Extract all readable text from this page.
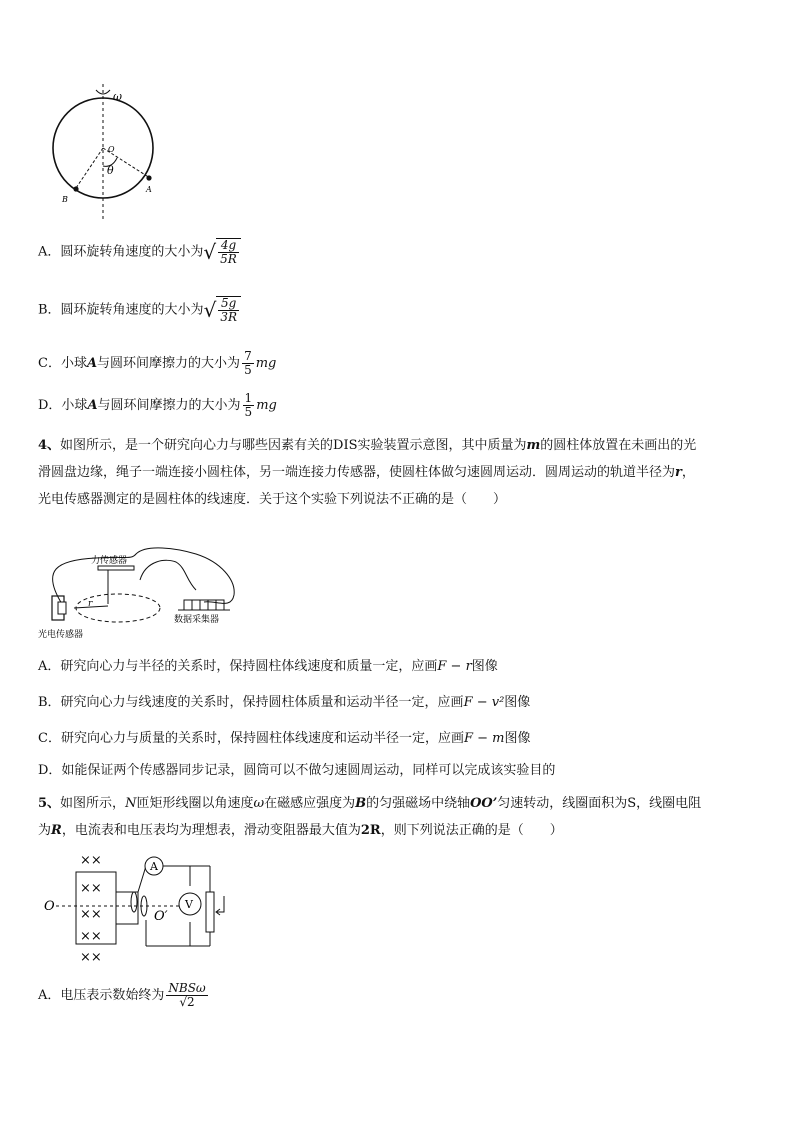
ω
O
θ
A
B
A．圆环旋转角速度的大小为√ $\frac{4g}{5R}$
B．圆环旋转角速度的大小为√ $\frac{5g}{3R}$
C．小球A与圆环间摩擦力的大小为 $\frac{7}{5}$ mg
D．小球A与圆环间摩擦力的大小为 $\frac{1}{5}$ mg
4、如图所示，是一个研究向心力与哪些因素有关的DIS实验装置示意图，其中质量为m的圆柱体放置在未画出的光
滑圆盘边缘，绳子一端连接小圆柱体，另一端连接力传感器，使圆柱体做匀速圆周运动．圆周运动的轨道半径为r，
光电传感器测定的是圆柱体的线速度．关于这个实验下列说法不正确的是（　　）
力传感器
数据采集器
光电传感器
r
A．研究向心力与半径的关系时，保持圆柱体线速度和质量一定，应画F − r图像
B．研究向心力与线速度的关系时，保持圆柱体质量和运动半径一定，应画F − v²图像
C．研究向心力与质量的关系时，保持圆柱体线速度和运动半径一定，应画F − m图像
D．如能保证两个传感器同步记录，圆筒可以不做匀速圆周运动，同样可以完成该实验目的
5、如图所示，N匝矩形线圈以角速度ω在磁感应强度为B的匀强磁场中绕轴OO’匀速转动，线圈面积为S，线圈电阻
为R，电流表和电压表均为理想表，滑动变阻器最大值为2R，则下列说法正确的是（　　）
××
××
××
××
××
A
V
O
O′
A．电压表示数始终为 $\frac{\text{NBSω}}{√2}$
